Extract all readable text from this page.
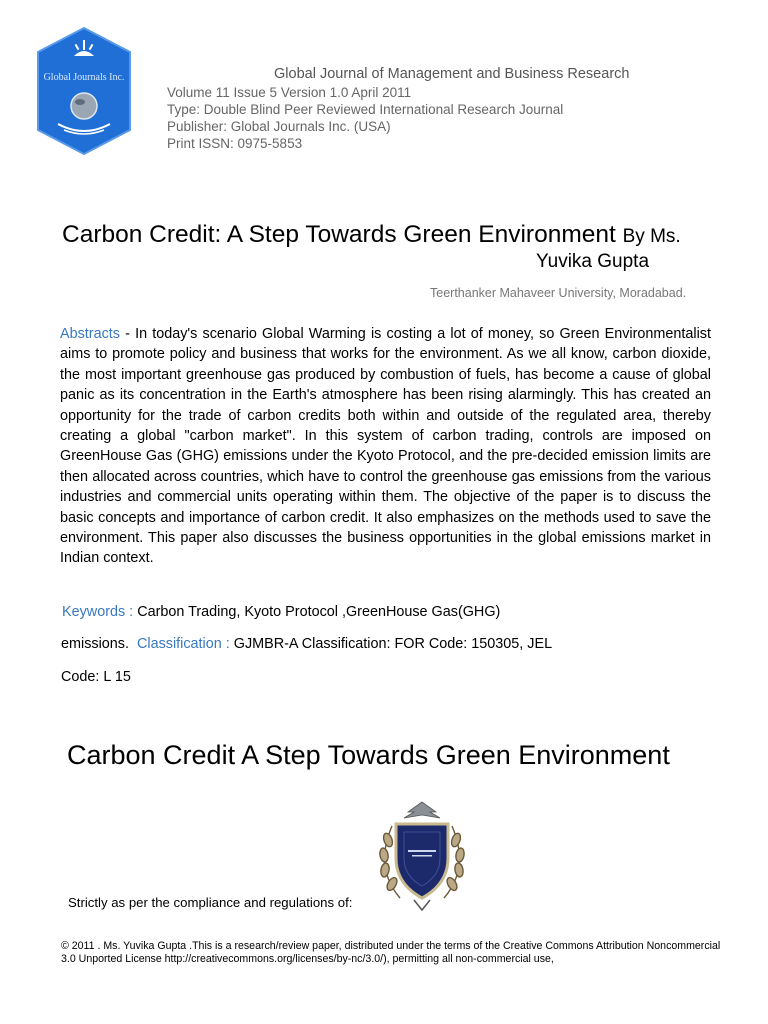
Global Journals Inc.	Global Journal of Management and Business Research
Volume 11 Issue 5 Version 1.0 April 2011
Type: Double Blind Peer Reviewed International Research Journal
Publisher: Global Journals Inc. (USA)
Print ISSN: 0975-5853
Carbon Credit: A Step Towards Green Environment By Ms.
Yuvika Gupta
Teerthanker Mahaveer University, Moradabad.
Abstracts - In today's scenario Global Warming is costing a lot of money, so Green Environmentalist aims to promote policy and business that works for the environment. As we all know, carbon dioxide, the most important greenhouse gas produced by combustion of fuels, has become a cause of global panic as its concentration in the Earth's atmosphere has been rising alarmingly. This has created an opportunity for the trade of carbon credits both within and outside of the regulated area, thereby creating a global "carbon market". In this system of carbon trading, controls are imposed on GreenHouse Gas (GHG) emissions under the Kyoto Protocol, and the pre-decided emission limits are then allocated across countries, which have to control the greenhouse gas emissions from the various industries and commercial units operating within them. The objective of the paper is to discuss the basic concepts and importance of carbon credit. It also emphasizes on the methods used to save the environment. This paper also discusses the business opportunities in the global emissions market in Indian context.
Keywords : Carbon Trading, Kyoto Protocol ,GreenHouse Gas(GHG)
emissions. Classification : GJMBR-A Classification: FOR Code: 150305, JEL
Code: L 15
Carbon Credit A Step Towards Green Environment
Strictly as per the compliance and regulations of:
© 2011 . Ms. Yuvika Gupta .This is a research/review paper, distributed under the terms of the Creative Commons Attribution Noncommercial 3.0 Unported License http://creativecommons.org/licenses/by-nc/3.0/), permitting all non-commercial use,
